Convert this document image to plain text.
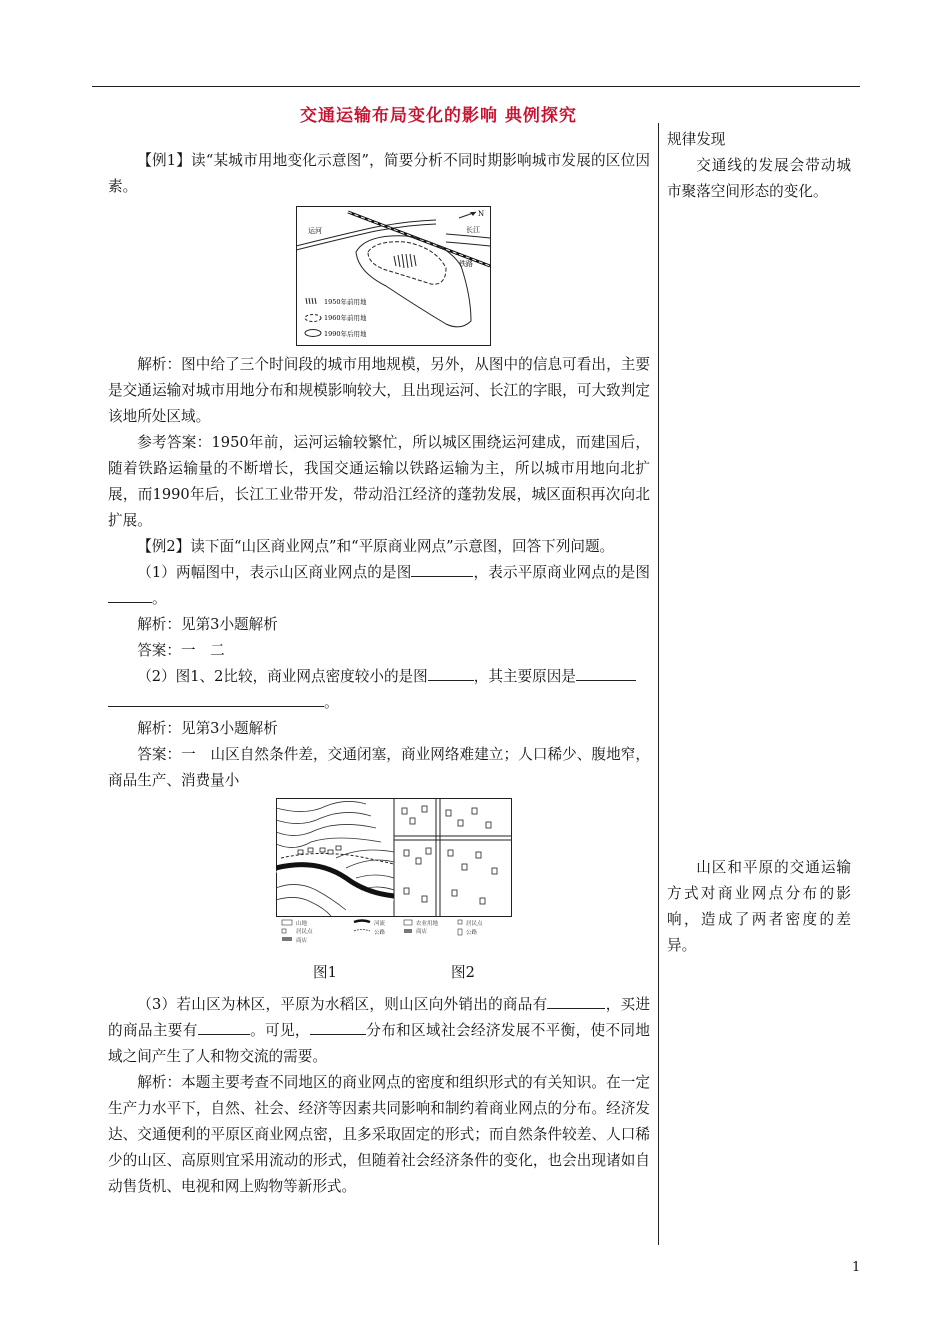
交通运输布局变化的影响 典例探究

规律发现

交通线的发展会带动城市聚落空间形态的变化。

山区和平原的交通运输方式对商业网点分布的影响，造成了两者密度的差异。

【例1】读“某城市用地变化示意图”，简要分析不同时期影响城市发展的区位因素。

N
运河	长江
铁路
1950年前用地
1960年前用地
1990年后用地

解析：图中给了三个时间段的城市用地规模，另外，从图中的信息可看出，主要是交通运输对城市用地分布和规模影响较大，且出现运河、长江的字眼，可大致判定该地所处区域。

参考答案：1950年前，运河运输较繁忙，所以城区围绕运河建成，而建国后，随着铁路运输量的不断增长，我国交通运输以铁路运输为主，所以城市用地向北扩展，而1990年后，长江工业带开发，带动沿江经济的蓬勃发展，城区面积再次向北扩展。

【例2】读下面“山区商业网点”和“平原商业网点”示意图，回答下列问题。

（1）两幅图中，表示山区商业网点的是图	，表示平原商业网点的是图。

解析：见第3小题解析

答案：一　二

（2）图1、2比较，商业网点密度较小的是图	，其主要原因是

。

解析：见第3小题解析

答案：一　山区自然条件差，交通闭塞，商业网络难建立；人口稀少、腹地窄，商品生产、消费量小

山地
居民点
商店
河流
公路
农业用地
商店
居民点
公路
图1	图2

（3）若山区为林区，平原为水稻区，则山区向外销出的商品有	，买进的商品主要有	。可见，	分布和区域社会经济发展不平衡，使不同地域之间产生了人和物交流的需要。

解析：本题主要考查不同地区的商业网点的密度和组织形式的有关知识。在一定生产力水平下，自然、社会、经济等因素共同影响和制约着商业网点的分布。经济发达、交通便利的平原区商业网点密，且多采取固定的形式；而自然条件较差、人口稀少的山区、高原则宜采用流动的形式，但随着社会经济条件的变化，也会出现诸如自动售货机、电视和网上购物等新形式。

1
